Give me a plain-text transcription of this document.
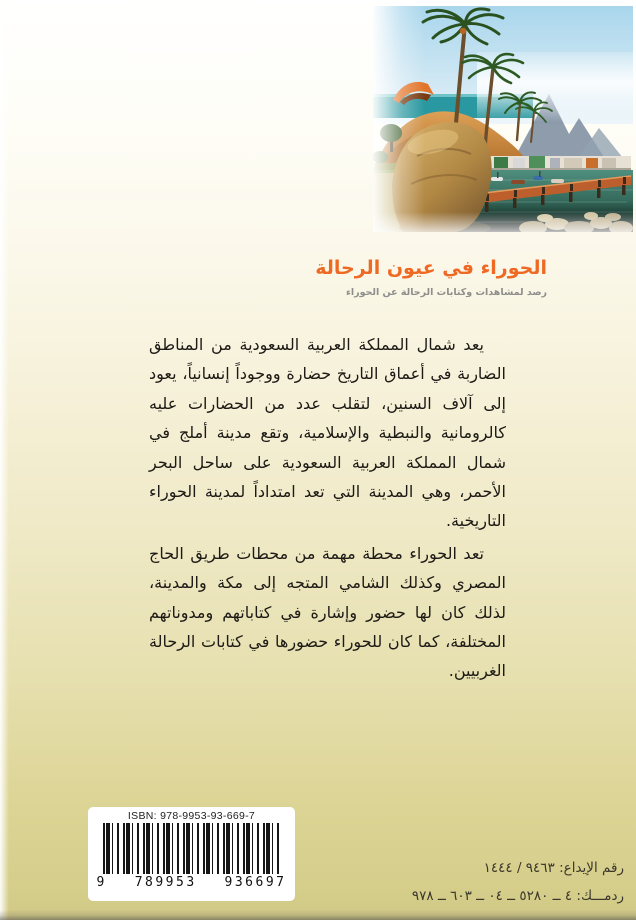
الحوراء في عيون الرحالة

رصد لمشاهدات وكتابات الرحالة عن الحوراء

يعد شمال المملكة العربية السعودية من المناطق الضاربة في أعماق التاريخ حضارة ووجوداً إنسانياً، يعود إلى آلاف السنين، لتقلب عدد من الحضارات عليه كالرومانية والنبطية والإسلامية، وتقع مدينة أملج في شمال المملكة العربية السعودية على ساحل البحر الأحمر، وهي المدينة التي تعد امتداداً لمدينة الحوراء التاريخية.

تعد الحوراء محطة مهمة من محطات طريق الحاج المصري وكذلك الشامي المتجه إلى مكة والمدينة، لذلك كان لها حضور وإشارة في كتاباتهم ومدوناتهم المختلفة، كما كان للحوراء حضورها في كتابات الرحالة الغربيين.

ISBN: 978-9953-93-669-7
9 789953 936697
رقم الإيداع: ٩٤٦٣ / ١٤٤٤
ردمـــك: ٤ ــ ٥٢٨٠ ــ ٠٤ ــ ٦٠٣ ــ ٩٧٨
